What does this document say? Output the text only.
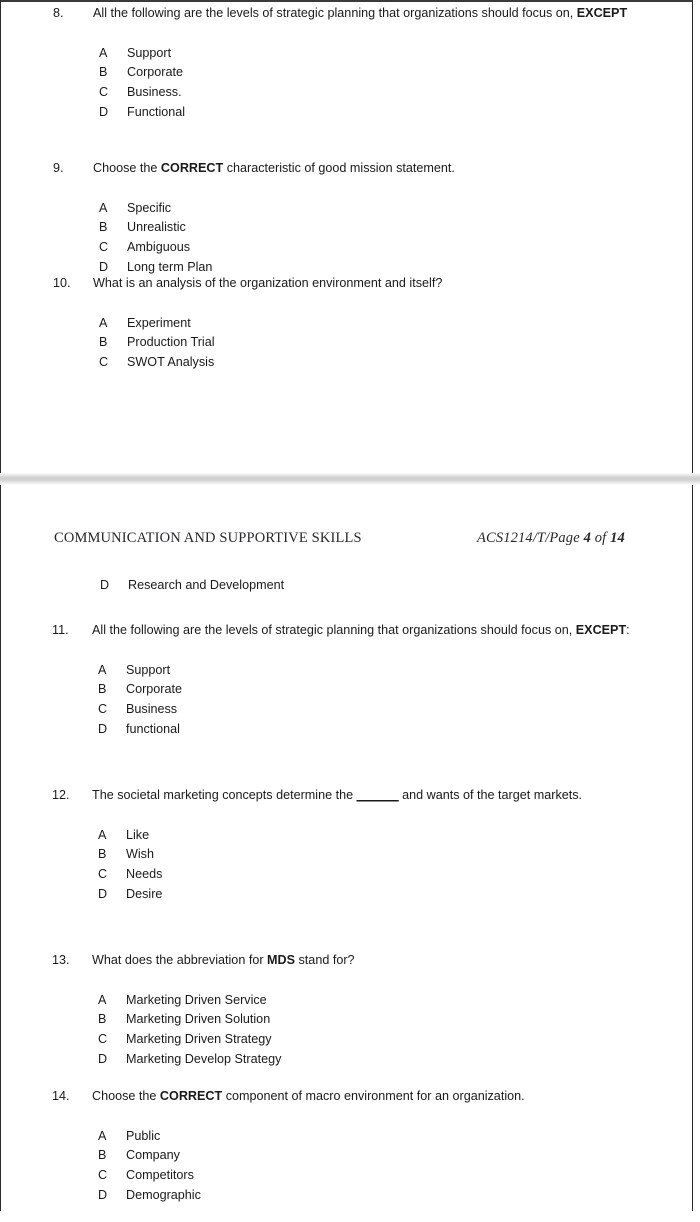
8.	All the following are the levels of strategic planning that organizations should focus on, EXCEPT
A Support
B Corporate
C Business.
D Functional
9.	Choose the CORRECT characteristic of good mission statement.
A Specific
B Unrealistic
C Ambiguous
D Long term Plan
10.	What is an analysis of the organization environment and itself?
A Experiment
B Production Trial
C SWOT Analysis
COMMUNICATION AND SUPPORTIVE SKILLS	ACS1214/T/Page 4 of 14
D Research and Development
11.	All the following are the levels of strategic planning that organizations should focus on, EXCEPT:
A Support
B Corporate
C Business
D functional
12.	The societal marketing concepts determine the ______ and wants of the target markets.
A Like
B Wish
C Needs
D Desire
13.	What does the abbreviation for MDS stand for?
A Marketing Driven Service
B Marketing Driven Solution
C Marketing Driven Strategy
D Marketing Develop Strategy
14.	Choose the CORRECT component of macro environment for an organization.
A Public
B Company
C Competitors
D Demographic
